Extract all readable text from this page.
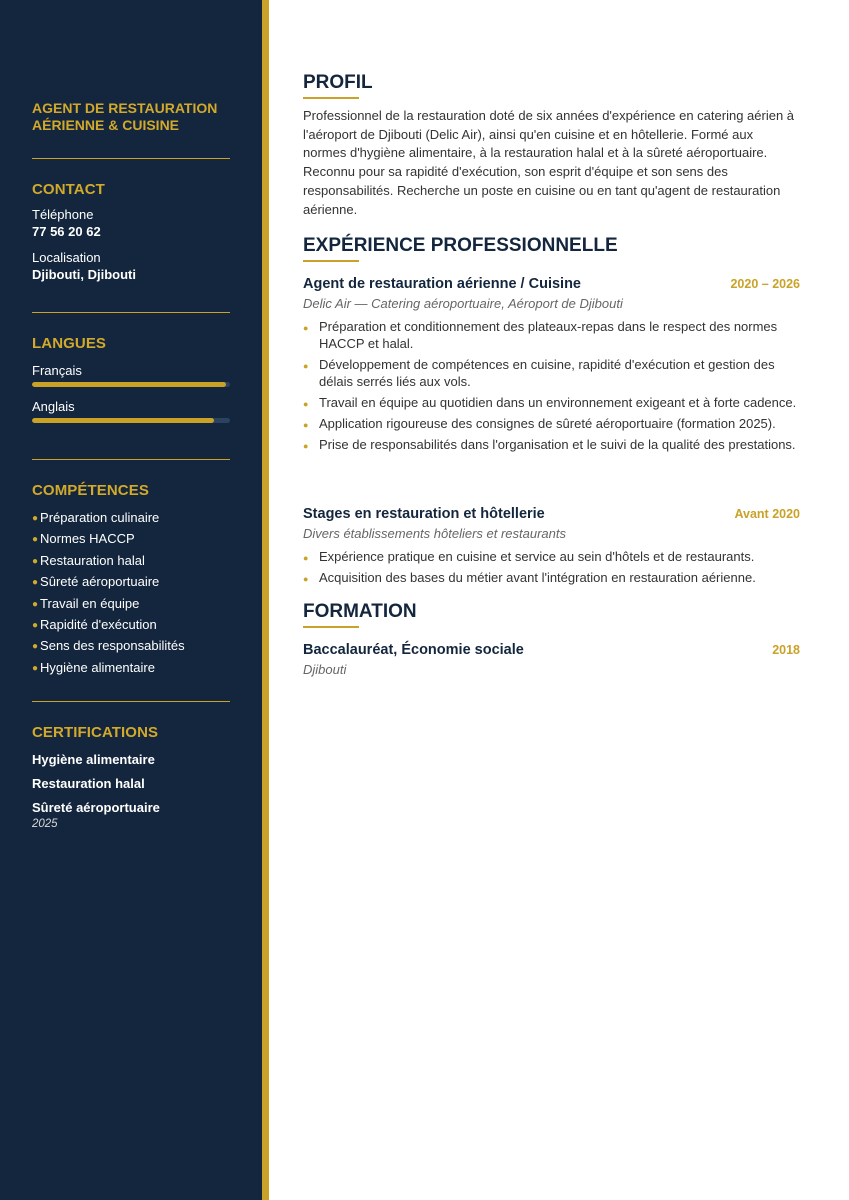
AGENT DE RESTAURATION AÉRIENNE & CUISINE
CONTACT
Téléphone
77 56 20 62
Localisation
Djibouti, Djibouti
LANGUES
Français
Anglais
COMPÉTENCES
● Préparation culinaire
● Normes HACCP
● Restauration halal
● Sûreté aéroportuaire
● Travail en équipe
● Rapidité d'exécution
● Sens des responsabilités
● Hygiène alimentaire
CERTIFICATIONS
Hygiène alimentaire
Restauration halal
Sûreté aéroportuaire
2025
PROFIL
Professionnel de la restauration doté de six années d'expérience en catering aérien à l'aéroport de Djibouti (Delic Air), ainsi qu'en cuisine et en hôtellerie. Formé aux normes d'hygiène alimentaire, à la restauration halal et à la sûreté aéroportuaire. Reconnu pour sa rapidité d'exécution, son esprit d'équipe et son sens des responsabilités. Recherche un poste en cuisine ou en tant qu'agent de restauration aérienne.
EXPÉRIENCE PROFESSIONNELLE
Agent de restauration aérienne / Cuisine	2020 – 2026
Delic Air — Catering aéroportuaire, Aéroport de Djibouti
● Préparation et conditionnement des plateaux-repas dans le respect des normes HACCP et halal.
● Développement de compétences en cuisine, rapidité d'exécution et gestion des délais serrés liés aux vols.
● Travail en équipe au quotidien dans un environnement exigeant et à forte cadence.
● Application rigoureuse des consignes de sûreté aéroportuaire (formation 2025).
● Prise de responsabilités dans l'organisation et le suivi de la qualité des prestations.
Stages en restauration et hôtellerie	Avant 2020
Divers établissements hôteliers et restaurants
● Expérience pratique en cuisine et service au sein d'hôtels et de restaurants.
● Acquisition des bases du métier avant l'intégration en restauration aérienne.
FORMATION
Baccalauréat, Économie sociale	2018
Djibouti
